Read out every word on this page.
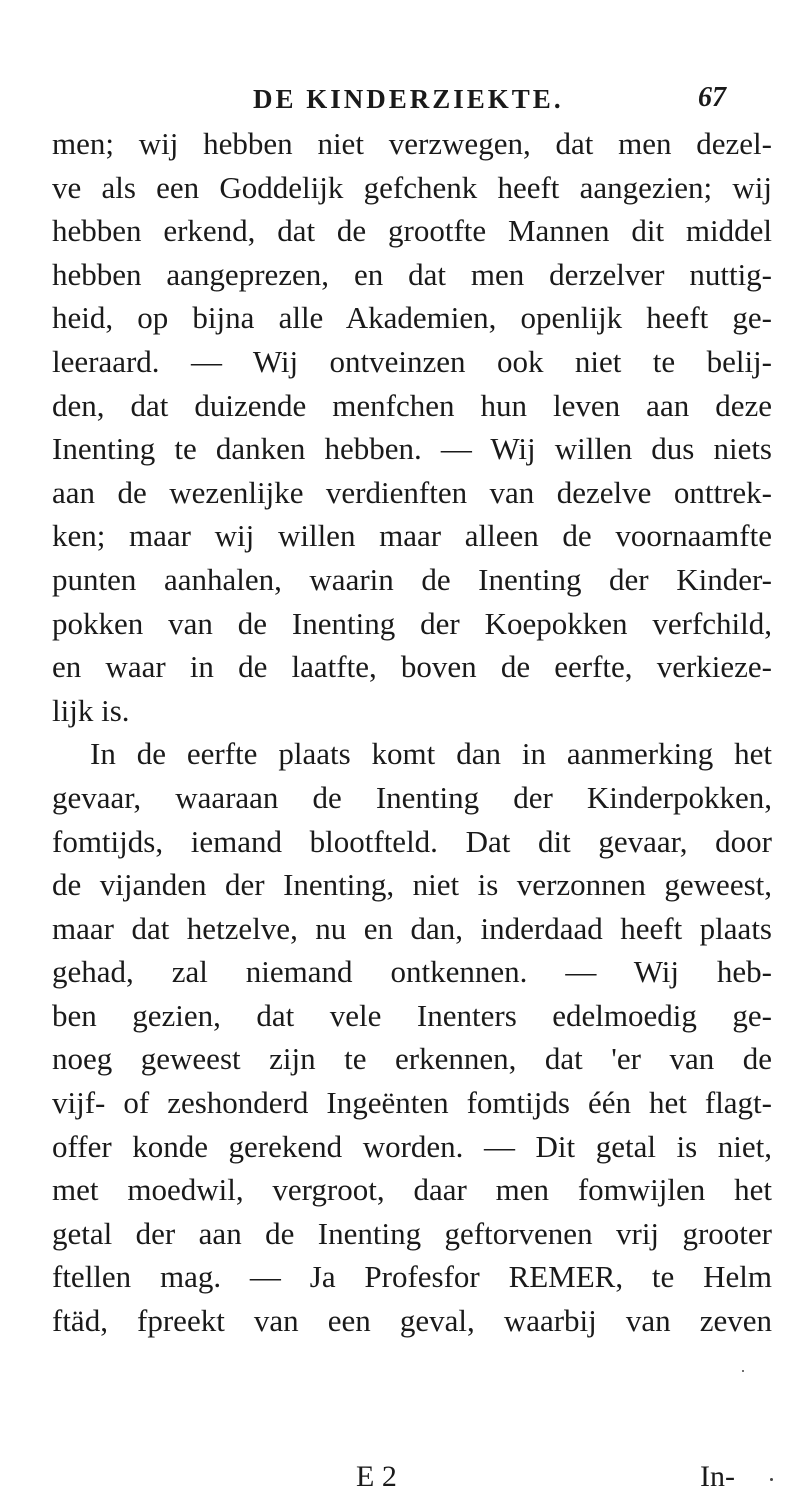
DE KINDERZIEKTE.	67
men; wij hebben niet verzwegen, dat men dezel-
ve als een Goddelijk gefchenk heeft aangezien; wij
hebben erkend, dat de grootfte Mannen dit middel
hebben aangeprezen, en dat men derzelver nuttig-
heid, op bijna alle Akademien, openlijk heeft ge-
leeraard. — Wij ontveinzen ook niet te belij-
den, dat duizende menfchen hun leven aan deze
Inenting te danken hebben. — Wij willen dus niets
aan de wezenlijke verdienften van dezelve onttrek-
ken; maar wij willen maar alleen de voornaamfte
punten aanhalen, waarin de Inenting der Kinder-
pokken van de Inenting der Koepokken verfchild,
en waar in de laatfte, boven de eerfte, verkieze-
lijk is.
In de eerfte plaats komt dan in aanmerking het
gevaar, waaraan de Inenting der Kinderpokken,
fomtijds, iemand blootfteld. Dat dit gevaar, door
de vijanden der Inenting, niet is verzonnen geweest,
maar dat hetzelve, nu en dan, inderdaad heeft plaats
gehad, zal niemand ontkennen. — Wij heb-
ben gezien, dat vele Inenters edelmoedig ge-
noeg geweest zijn te erkennen, dat 'er van de
vijf- of zeshonderd Ingeënten fomtijds één het flagt-
offer konde gerekend worden. — Dit getal is niet,
met moedwil, vergroot, daar men fomwijlen het
getal der aan de Inenting geftorvenen vrij grooter
ftellen mag. — Ja Profesfor REMER, te Helm
ftäd, fpreekt van een geval, waarbij van zeven
E 2	In-
